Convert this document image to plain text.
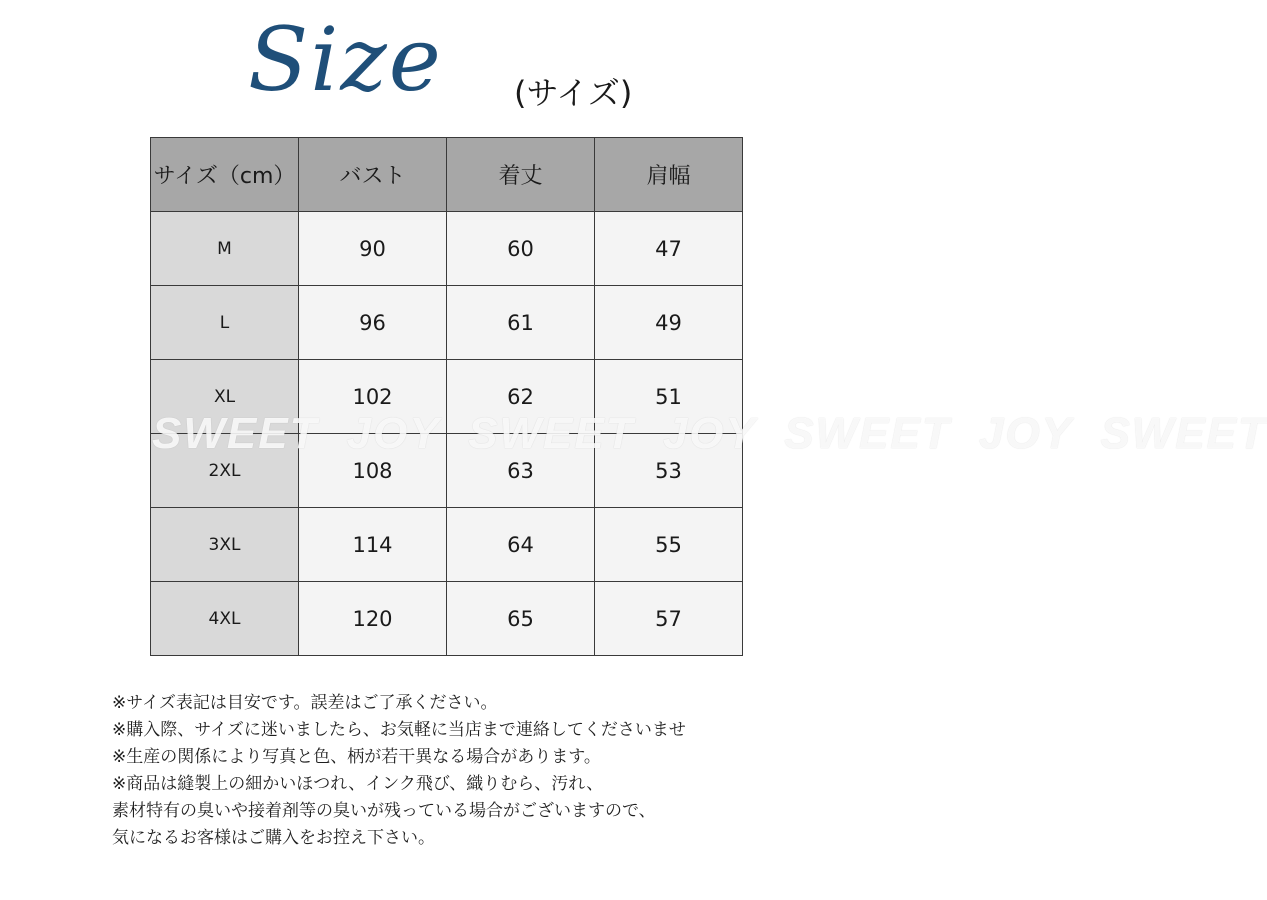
Size (サイズ)
サイズ（cm）	バスト	着丈	肩幅
M	90	60	47
L	96	61	49
XL	102	62	51
2XL	108	63	53
3XL	114	64	55
4XL	120	65	57
SWEET JOY SWEET JOY SWEET JOY SWEET
※サイズ表記は目安です。誤差はご了承ください。
※購入際、サイズに迷いましたら、お気軽に当店まで連絡してくださいませ
※生産の関係により写真と色、柄が若干異なる場合があります。
※商品は縫製上の細かいほつれ、インク飛び、織りむら、汚れ、
素材特有の臭いや接着剤等の臭いが残っている場合がございますので、
気になるお客様はご購入をお控え下さい。
